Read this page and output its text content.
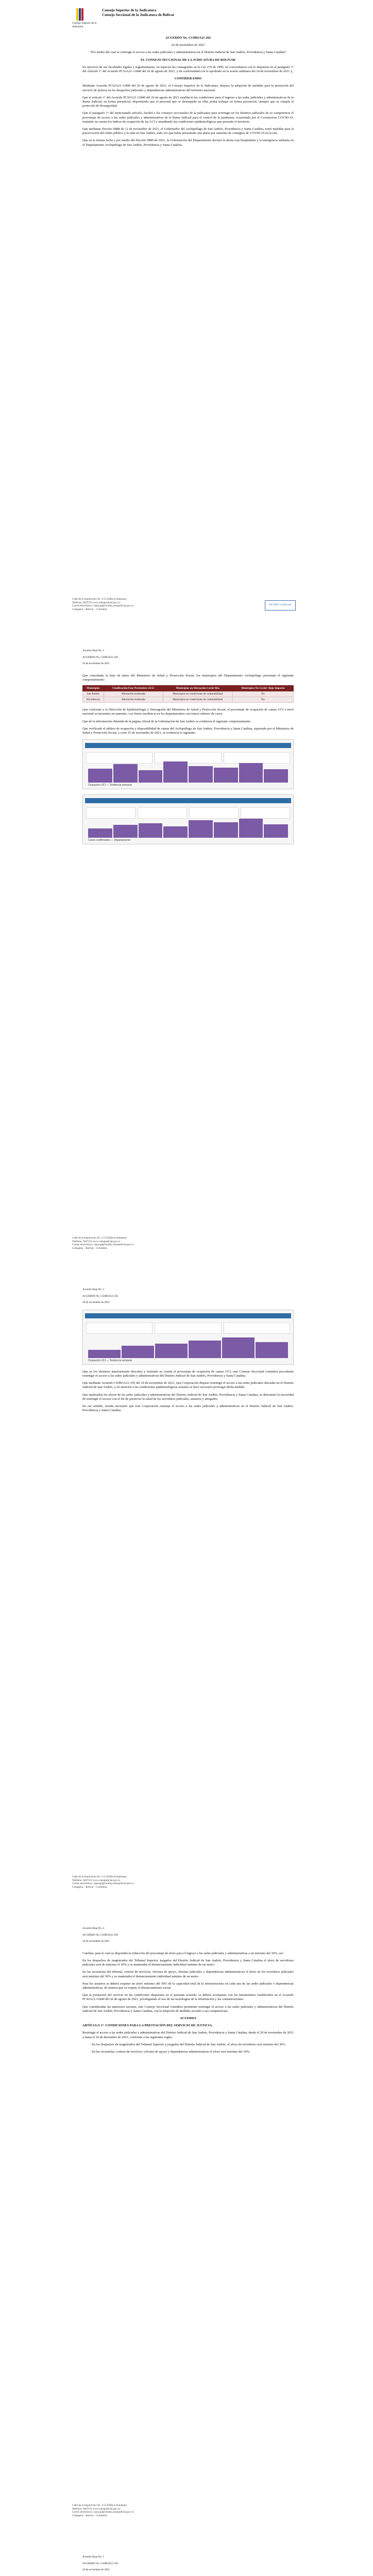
Consejo Superior de la Judicatura
Consejo Superior de la Judicatura
Consejo Seccional de la Judicatura de Bolívar
ACUERDO No. CSJBOA21-202
26 de noviembre de 2021
“Por medio del cual se restringe el acceso a las sedes judiciales y administrativas en el Distrito Judicial de San Andrés, Providencia y Santa Catalina”
EL CONSEJO SECCIONAL DE LA JUDICATURA DE BOLÍVAR
En ejercicio de sus facultades legales y reglamentarias, en especial las consagradas en la Ley 270 de 1996, en concordancia con lo dispuesto en el parágrafo 1º del Artículo 1º del Acuerdo PCSJA21-11840 del 26 de agosto de 2021, y de conformidad con lo aprobado en la sesión ordinaria del 24 de noviembre de 2021 y,
CONSIDERANDO
Mediante Acuerdo PCSJA21-11840 del 26 de agosto de 2021, el Consejo Superior de la Judicatura, dispuso la adopción de medidas para la prestación del servicio de justicia en los despachos judiciales y dependencias administrativas del territorio nacional.
Que el artículo 1º del Acuerdo PCSJA21-11840 del 26 de agosto de 2021 estableció las condiciones para el ingreso a las sedes judiciales y administrativas de la Rama Judicial, en forma presencial, disponiendo que el personal que se desempeñe en ellas podrá trabajar en forma presencial, siempre que se cumpla el protocolo de bioseguridad.
Que el parágrafo 1º del mencionado artículo, facultó a los consejos seccionales de la judicatura para restringir en los distritos judiciales de su competencia el porcentaje de acceso a las sedes judiciales y administrativas de la Rama Judicial para el control de la pandemia, ocasionada por el Coronavirus COVID-19, teniendo en cuenta los índices de ocupación de las UCI y atendiendo las condiciones epidemiológicas que presente el territorio.
Que mediante Decreto 0888 de 12 de noviembre de 2021, el Gobernador del Archipiélago de San Andrés, Providencia y Santa Catalina, tomó medidas para la preservación del orden público y la vida en San Andrés, toda vez que había presentado una alerta por aumento de contagios de COVID-19 en la isla.
Que en la misma fecha y por medio del Decreto 0889 de 2021, la Gobernación del Departamento declaró la alerta roja hospitalaria y la emergencia sanitaria en el Departamento Archipiélago de San Andrés, Providencia y Santa Catalina.
Calle de la Inquisición No. 3-53 Edificio Kalamary
Teléfono: 6647313 www.ramajudicial.gov.co
Correo electrónico: csjsacgd@cendoj.ramajudicial.gov.co
Cartagena – Bolívar – Colombia
ISO 9001 Certificado
Acuerdo Hoja No. 2
ACUERDO No. CSJBOA21-202
26 de noviembre de 2021
Que consultada la base de datos del Ministerio de Salud y Protección Social, los municipios del Departamento Archipiélago presentan el siguiente comportamiento:
Municipios	Clasificación Fase Noviembre 22/21	Municipios en Afectación Covid Alta	Municipios No Covid / Bajo Impacto
San Andrés	Afectación moderada	Municipios en condiciones de vulnerabilidad	No
Providencia	Afectación moderada	Municipios en condiciones de vulnerabilidad	No
Que conforme a la Dirección de Epidemiología y Demografía del Ministerio de Salud y Protección Social, el porcentaje de ocupación de camas UCI a nivel nacional se encuentra en aumento, con fuerte incidencia en los departamentos con mayor número de casos.
Que de la información obtenida de la página oficial de la Gobernación de San Andrés se evidencia el siguiente comportamiento:
Que verificado el tablero de ocupación y disponibilidad de camas del Archipiélago de San Andrés, Providencia y Santa Catalina, reportado por el Ministerio de Salud y Protección Social, a corte 25 de noviembre de 2021, se evidencia lo siguiente:
Ocupación UCI — Tendencia semanal
Casos confirmados — Departamento
Calle de la Inquisición No. 3-53 Edificio Kalamary
Teléfono: 6647313 www.ramajudicial.gov.co
Correo electrónico: csjsacgd@cendoj.ramajudicial.gov.co
Cartagena – Bolívar – Colombia
Acuerdo Hoja No. 3
ACUERDO No. CSJBOA21-202
26 de noviembre de 2021
Ocupación UCI — Tendencia semanal
Que en los términos anteriormente descritos y teniendo en cuenta el porcentaje de ocupación de camas UCI, este Consejo Seccional considera procedente restringir el acceso a las sedes judiciales y administrativas del Distrito Judicial de San Andrés, Providencia y Santa Catalina.
Que mediante Acuerdo CSJBOA21-195 del 19 de noviembre de 2021, esta Corporación dispuso restringir el acceso a las sedes judiciales ubicadas en el Distrito Judicial de San Andrés, y en atención a las condiciones epidemiológicas actuales se hace necesario prorrogar dicha medida.
Que analizados los aforos de las sedes judiciales y administrativas del Distrito Judicial de San Andrés, Providencia y Santa Catalina, se determinó la necesidad de restringir el acceso con el fin de preservar la salud de los servidores judiciales, usuarios y abogados.
En ese sentido, resulta necesario que esta Corporación restrinja el acceso a las sedes judiciales y administrativas en el Distrito Judicial de San Andrés, Providencia y Santa Catalina.
Calle de la Inquisición No. 3-53 Edificio Kalamary
Teléfono: 6647313 www.ramajudicial.gov.co
Correo electrónico: csjsacgd@cendoj.ramajudicial.gov.co
Cartagena – Bolívar – Colombia
Acuerdo Hoja No. 4
ACUERDO No. CSJBOA21-202
26 de noviembre de 2021
Catalina, para lo cual se dispondrá la reducción del porcentaje de aforo para el ingreso a las sedes judiciales y administrativas a un máximo del 30%, así:
En los despachos de magistrados del Tribunal Superior, juzgados del Distrito Judicial de San Andrés, Providencia y Santa Catalina el aforo de servidores judiciales será de máximo el 30% y se mantendrá el distanciamiento individual mínimo de un metro.
En las secretarías del tribunal, centros de servicios, oficinas de apoyo, oficinas judiciales y dependencias administrativas el aforo de los servidores judiciales será máximo del 30% y se mantendrá el distanciamiento individual mínimo de un metro.
Para los usuarios se deberá respetar un aforo máximo del 30% de la capacidad total de la infraestructura en cada una de las sedes judiciales o dependencias administrativas, de manera que se respete el distanciamiento social.
Que la prestación del servicio en las condiciones dispuestas en el presente acuerdo, se deberá acompasar con los lineamientos establecidos en el Acuerdo PCSJA21-11840 del 26 de agosto de 2021, privilegiando el uso de las tecnologías de la información y las comunicaciones.
Que consideradas las anteriores razones, este Consejo Seccional considera pertinente restringir el acceso a las sedes judiciales y administrativas del Distrito Judicial de San Andrés, Providencia y Santa Catalina, con la adopción de medidas acordes a sus competencias.
ACUERDA
ARTÍCULO 1º. CONDICIONES PARA LA PRESTACIÓN DEL SERVICIO DE JUSTICIA.
Restringir el acceso a las sedes judiciales y administrativas del Distrito Judicial de San Andrés, Providencia y Santa Catalina, desde el 29 de noviembre de 2021 y hasta el 10 de diciembre de 2021, conforme a las siguientes reglas:
En los despachos de magistrados del Tribunal Superior y juzgados del Distrito Judicial de San Andrés, el aforo de servidores será máximo del 30%.
En las secretarías, centros de servicios, oficinas de apoyo y dependencias administrativas el aforo será máximo del 30%.
Calle de la Inquisición No. 3-53 Edificio Kalamary
Teléfono: 6647313 www.ramajudicial.gov.co
Correo electrónico: csjsacgd@cendoj.ramajudicial.gov.co
Cartagena – Bolívar – Colombia
Acuerdo Hoja No. 5
ACUERDO No. CSJBOA21-202
26 de noviembre de 2021
